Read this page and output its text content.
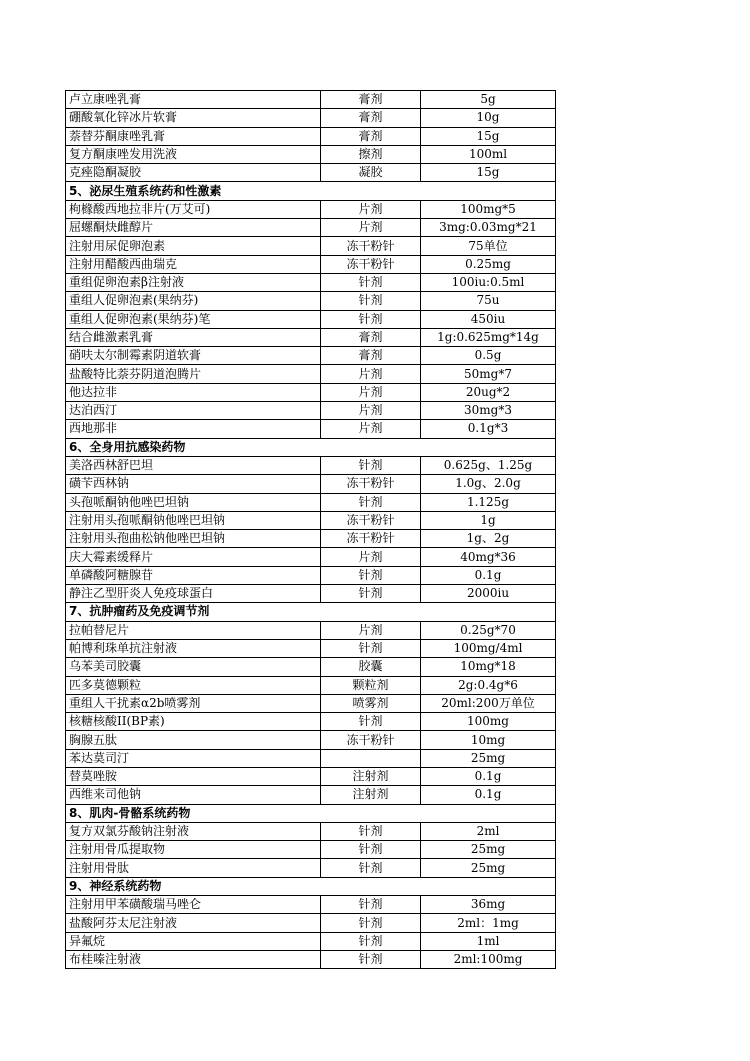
卢立康唑乳膏	膏剂	5g
硼酸氧化锌冰片软膏	膏剂	10g
萘替芬酮康唑乳膏	膏剂	15g
复方酮康唑发用洗液	擦剂	100ml
克痤隐酮凝胶	凝胶	15g
5、泌尿生殖系统药和性激素		
枸橼酸西地拉非片(万艾可)	片剂	100mg*5
屈螺酮炔雌醇片	片剂	3mg:0.03mg*21
注射用尿促卵泡素	冻干粉针	75单位
注射用醋酸西曲瑞克	冻干粉针	0.25mg
重组促卵泡素β注射液	针剂	100iu:0.5ml
重组人促卵泡素(果纳芬)	针剂	75u
重组人促卵泡素(果纳芬)笔	针剂	450iu
结合雌激素乳膏	膏剂	1g:0.625mg*14g
硝呋太尔制霉素阴道软膏	膏剂	0.5g
盐酸特比萘芬阴道泡腾片	片剂	50mg*7
他达拉非	片剂	20ug*2
达泊西汀	片剂	30mg*3
西地那非	片剂	0.1g*3
6、全身用抗感染药物		
美洛西林舒巴坦	针剂	0.625g、1.25g
磺苄西林钠	冻干粉针	1.0g、2.0g
头孢哌酮钠他唑巴坦钠	针剂	1.125g
注射用头孢哌酮钠他唑巴坦钠	冻干粉针	1g
注射用头孢曲松钠他唑巴坦钠	冻干粉针	1g、2g
庆大霉素缓释片	片剂	40mg*36
单磷酸阿糖腺苷	针剂	0.1g
静注乙型肝炎人免疫球蛋白	针剂	2000iu
7、抗肿瘤药及免疫调节剂		
拉帕替尼片	片剂	0.25g*70
帕博利珠单抗注射液	针剂	100mg/4ml
乌苯美司胶囊	胶囊	10mg*18
匹多莫德颗粒	颗粒剂	2g:0.4g*6
重组人干扰素α2b喷雾剂	喷雾剂	20ml:200万单位
核糖核酸II(BP素)	针剂	100mg
胸腺五肽	冻干粉针	10mg
苯达莫司汀		25mg
替莫唑胺	注射剂	0.1g
西维来司他钠	注射剂	0.1g
8、肌肉-骨骼系统药物		
复方双氯芬酸钠注射液	针剂	2ml
注射用骨瓜提取物	针剂	25mg
注射用骨肽	针剂	25mg
9、神经系统药物		
注射用甲苯磺酸瑞马唑仑	针剂	36mg
盐酸阿芬太尼注射液	针剂	2ml：1mg
异氟烷	针剂	1ml
布桂嗪注射液	针剂	2ml:100mg
